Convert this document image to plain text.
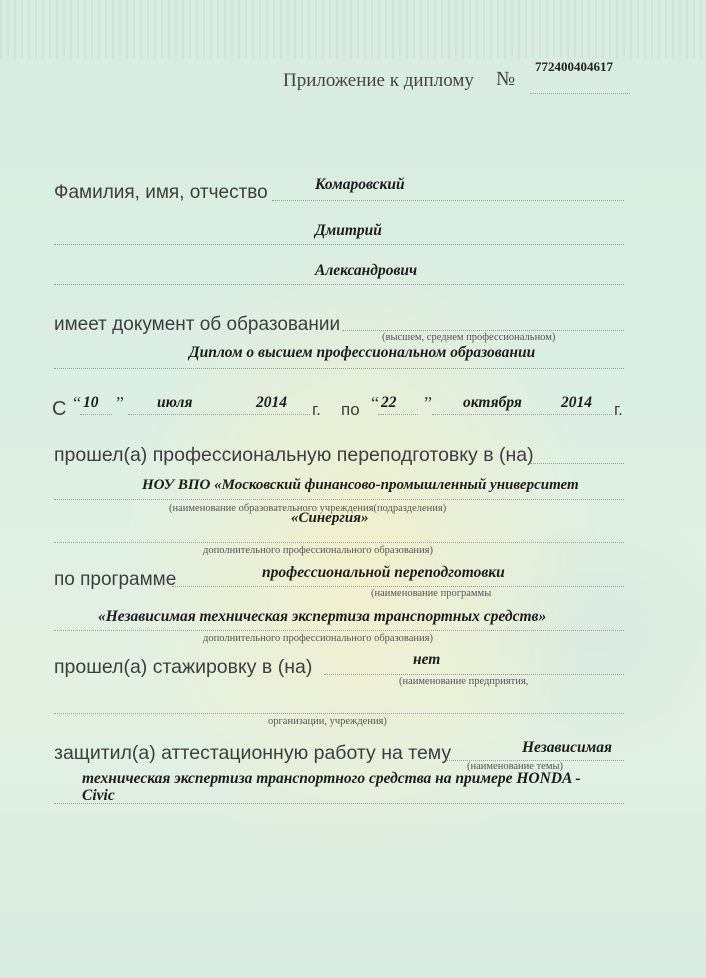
Приложение к диплому №
772400404617
Фамилия, имя, отчество	Комаровский
Дмитрий
Александрович
имеет документ об образовании
(высшем, среднем профессиональном)
Диплом о высшем профессиональном образовании
С “ 10 ” июля	2014 г. по “ 22 ” октября	2014 г.
прошел(а) профессиональную переподготовку в (на)
НОУ ВПО «Московский финансово-промышленный университет
(наименование образовательного учреждения(подразделения)
«Синергия»
дополнительного профессионального образования)
по программе	профессиональной переподготовки
(наименование программы
«Независимая техническая экспертиза транспортных средств»
дополнительного профессионального образования)
прошел(а) стажировку в (на)	нет
(наименование предприятия,
организации, учреждения)
защитил(а) аттестационную работу на тему	Независимая
(наименование темы)
техническая экспертиза транспортного средства на примере HONDA -
Civic
